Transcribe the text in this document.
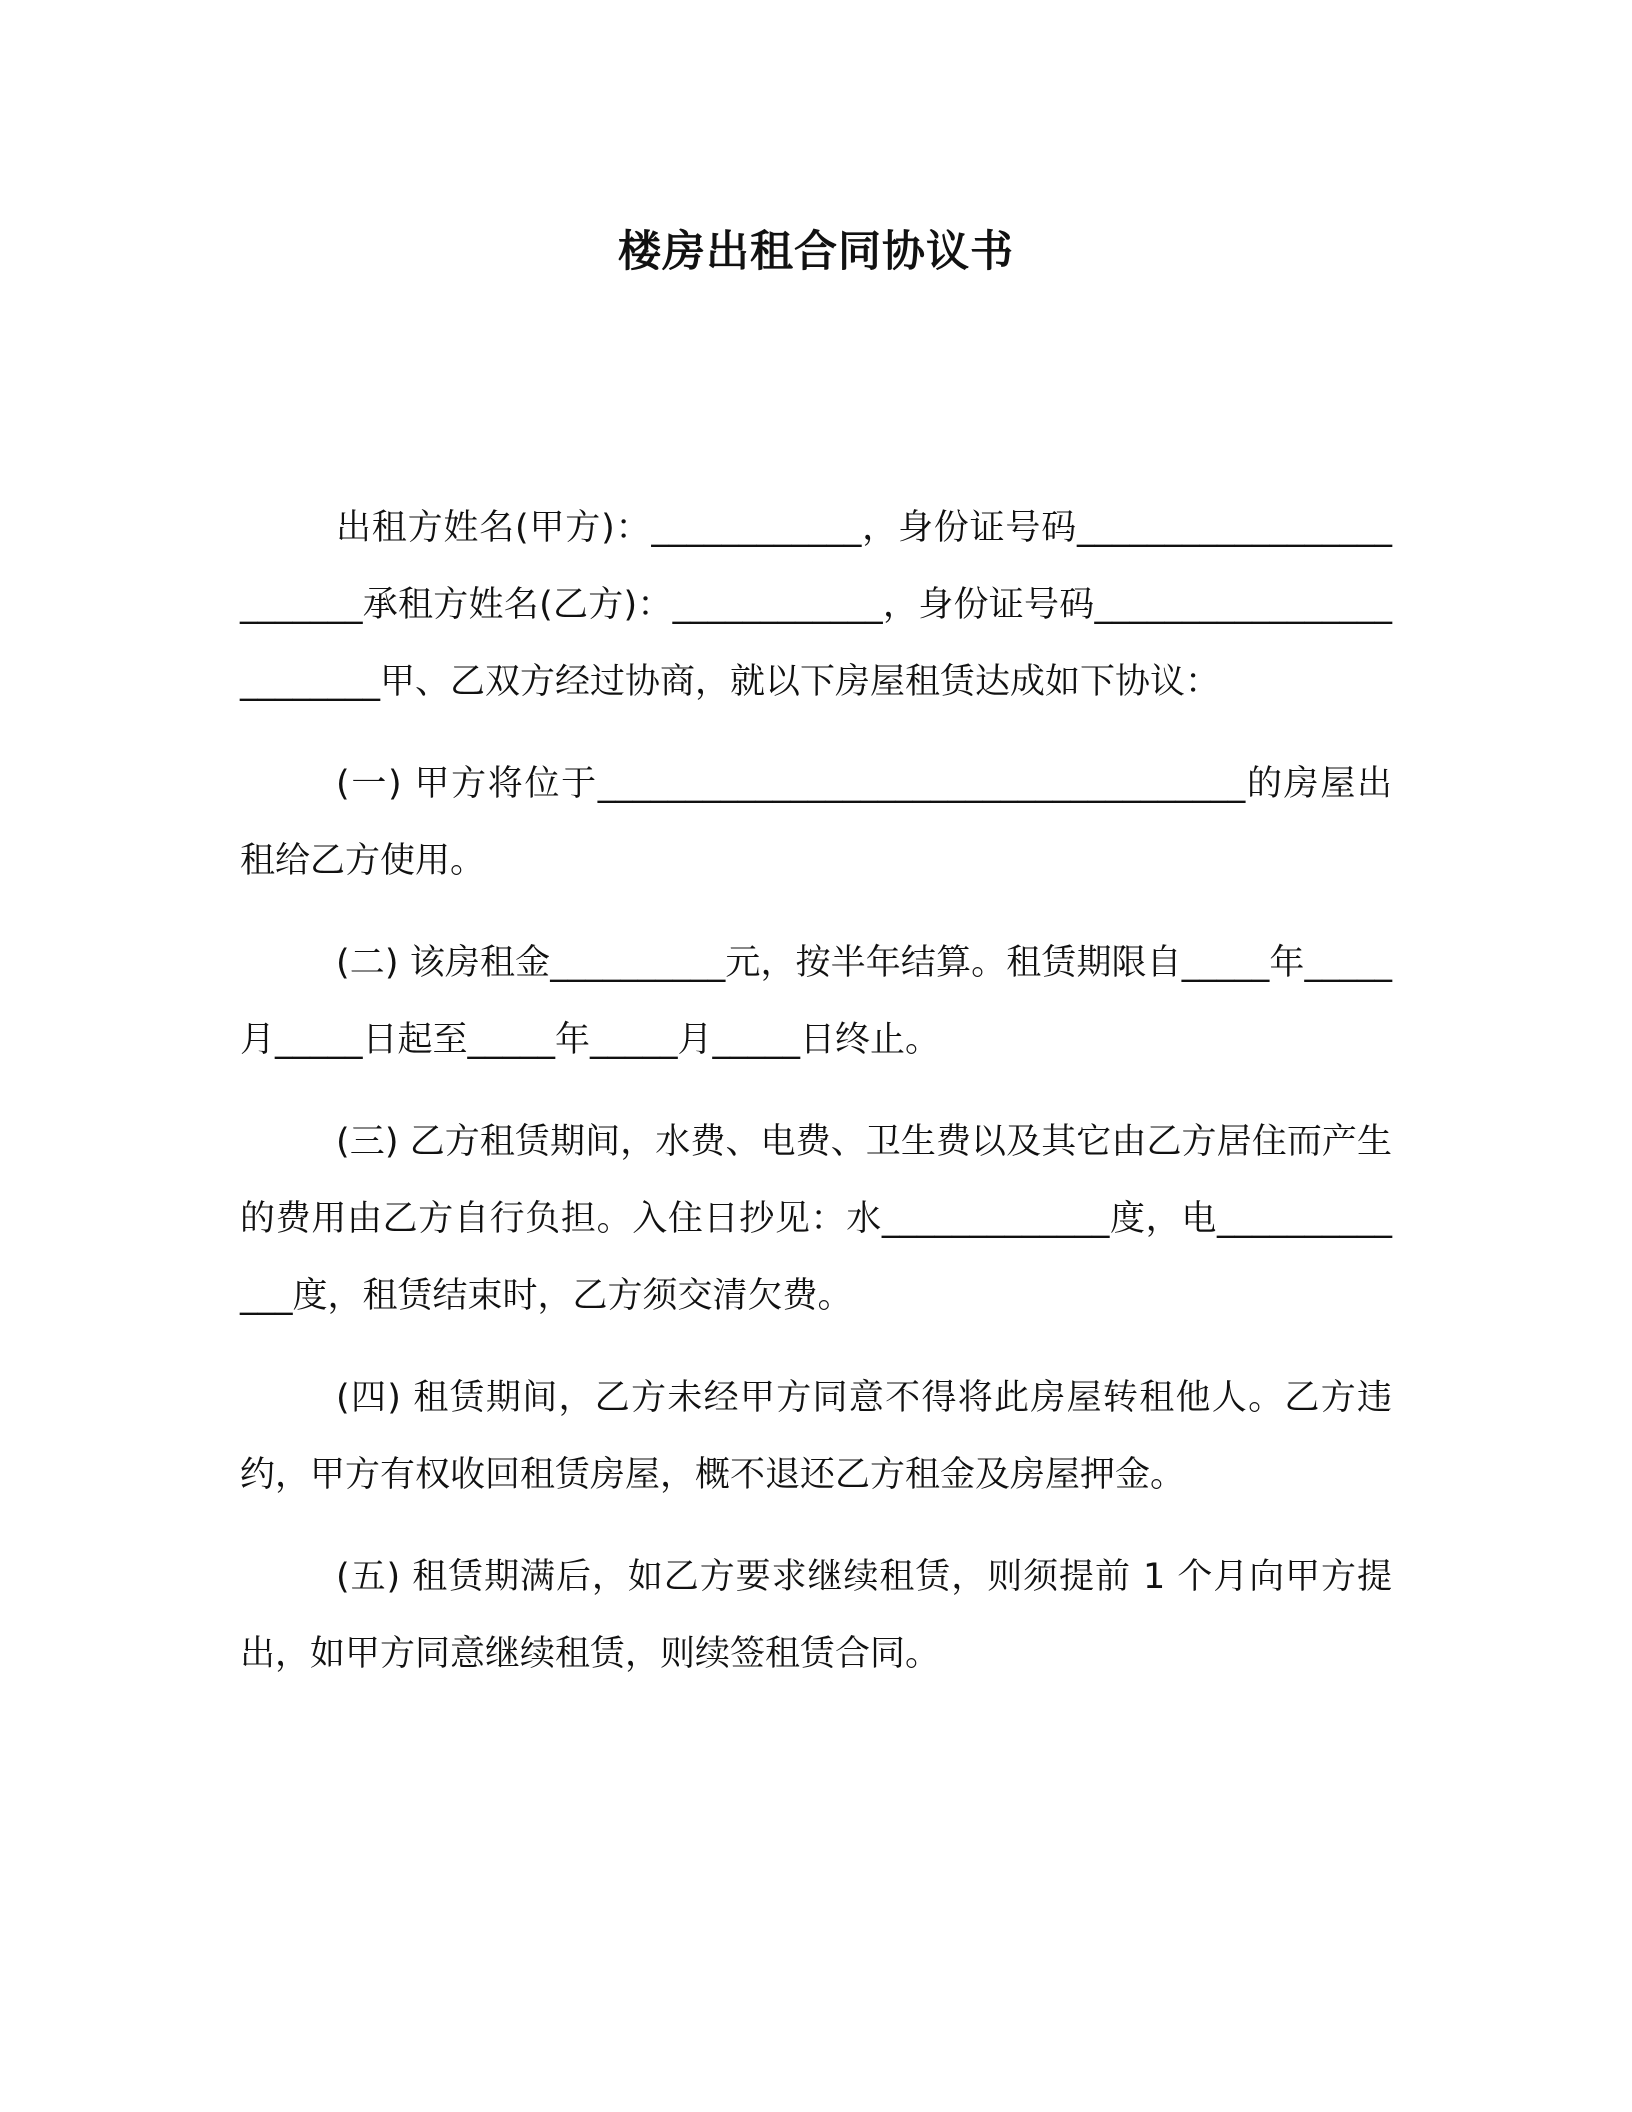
楼房出租合同协议书

出租方姓名(甲方)：____________，身份证号码_________________________承租方姓名(乙方)：____________，身份证号码_________________________甲、乙双方经过协商，就以下房屋租赁达成如下协议：

(一) 甲方将位于_____________________________________的房屋出租给乙方使用。

(二) 该房租金__________元，按半年结算。租赁期限自_____年_____月_____日起至_____年_____月_____日终止。

(三) 乙方租赁期间，水费、电费、卫生费以及其它由乙方居住而产生的费用由乙方自行负担。入住日抄见：水_____________度，电_____________度，租赁结束时，乙方须交清欠费。

(四) 租赁期间，乙方未经甲方同意不得将此房屋转租他人。乙方违约，甲方有权收回租赁房屋，概不退还乙方租金及房屋押金。

(五) 租赁期满后，如乙方要求继续租赁，则须提前 1 个月向甲方提出，如甲方同意继续租赁，则续签租赁合同。
